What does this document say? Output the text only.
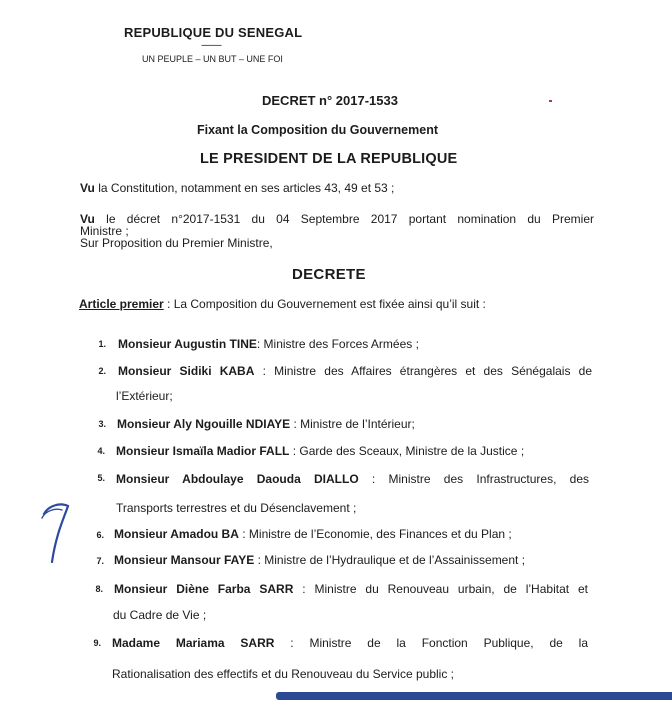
REPUBLIQUE DU SENEGAL
----------
UN PEUPLE – UN BUT – UNE FOI
DECRET n° 2017-1533
Fixant la Composition du Gouvernement
LE PRESIDENT DE LA REPUBLIQUE
Vu la Constitution, notamment en ses articles 43, 49 et 53 ;
Vu le décret n°2017-1531 du 04 Septembre 2017 portant nomination du Premier
Ministre ;
Sur Proposition du Premier Ministre,
DECRETE
Article premier : La Composition du Gouvernement est fixée ainsi qu’il suit :
1. Monsieur Augustin TINE: Ministre des Forces Armées ;
2. Monsieur Sidiki KABA : Ministre des Affaires étrangères et des Sénégalais de
l’Extérieur;
3. Monsieur Aly Ngouille NDIAYE : Ministre de l’Intérieur;
4. Monsieur Ismaïla Madior FALL : Garde des Sceaux, Ministre de la Justice ;
5. Monsieur Abdoulaye Daouda DIALLO : Ministre des Infrastructures, des
Transports terrestres et du Désenclavement ;
6. Monsieur Amadou BA : Ministre de l’Economie, des Finances et du Plan ;
7. Monsieur Mansour FAYE : Ministre de l’Hydraulique et de l’Assainissement ;
8. Monsieur Diène Farba SARR : Ministre du Renouveau urbain, de l’Habitat et
du Cadre de Vie ;
9. Madame Mariama SARR : Ministre de la Fonction Publique, de la
Rationalisation des effectifs et du Renouveau du Service public ;
